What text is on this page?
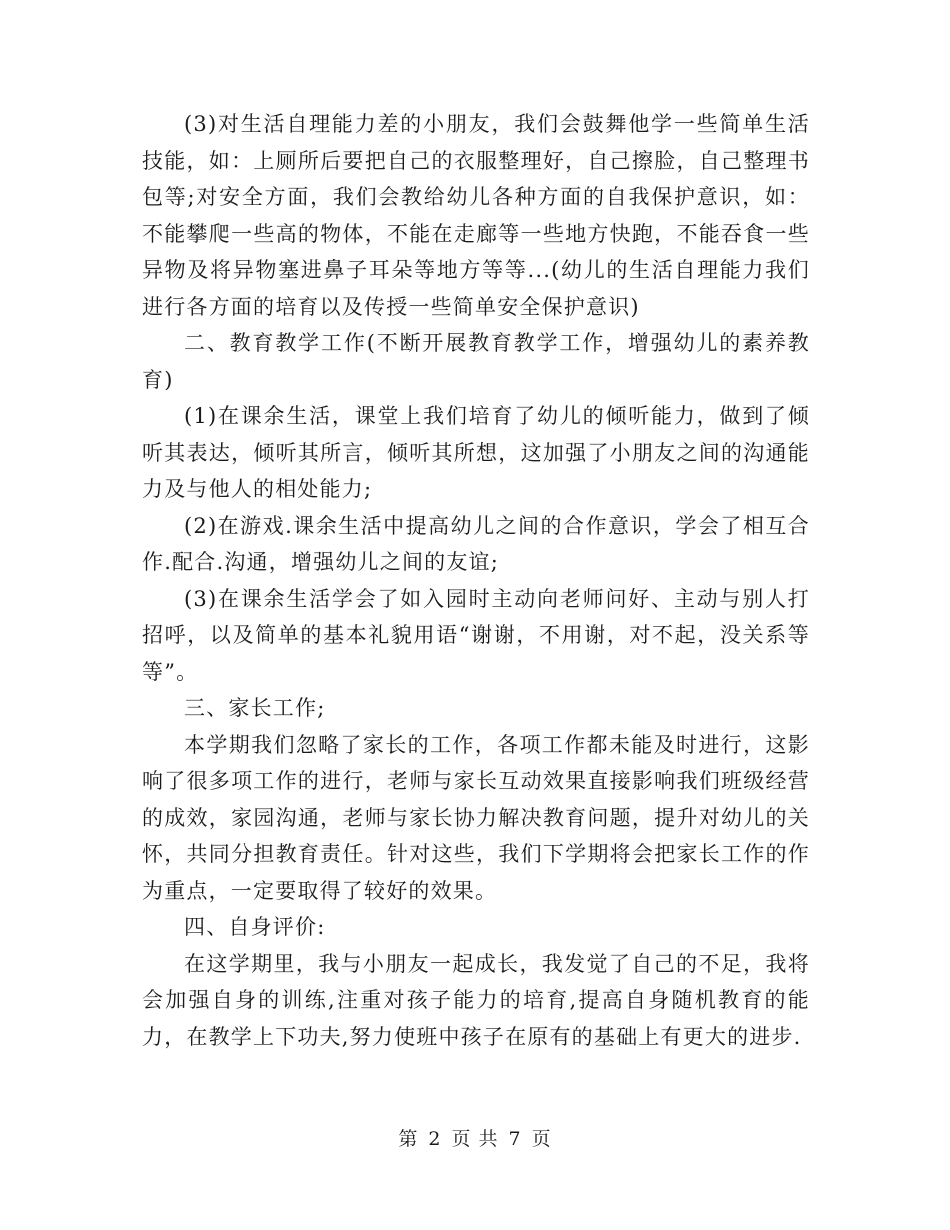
(3)对生活自理能力差的小朋友，我们会鼓舞他学一些简单生活技能，如：上厕所后要把自己的衣服整理好，自己擦脸，自己整理书包等;对安全方面，我们会教给幼儿各种方面的自我保护意识，如：不能攀爬一些高的物体，不能在走廊等一些地方快跑，不能吞食一些异物及将异物塞进鼻子耳朵等地方等等...(幼儿的生活自理能力我们进行各方面的培育以及传授一些简单安全保护意识)

二、教育教学工作(不断开展教育教学工作，增强幼儿的素养教育)

(1)在课余生活，课堂上我们培育了幼儿的倾听能力，做到了倾听其表达，倾听其所言，倾听其所想，这加强了小朋友之间的沟通能力及与他人的相处能力;

(2)在游戏.课余生活中提高幼儿之间的合作意识，学会了相互合作.配合.沟通，增强幼儿之间的友谊;

(3)在课余生活学会了如入园时主动向老师问好、主动与别人打招呼，以及简单的基本礼貌用语“谢谢，不用谢，对不起，没关系等等”。

三、家长工作;

本学期我们忽略了家长的工作，各项工作都未能及时进行，这影响了很多项工作的进行，老师与家长互动效果直接影响我们班级经营的成效，家园沟通，老师与家长协力解决教育问题，提升对幼儿的关怀，共同分担教育责任。针对这些，我们下学期将会把家长工作的作为重点，一定要取得了较好的效果。

四、自身评价:

在这学期里，我与小朋友一起成长，我发觉了自己的不足，我将会加强自身的训练,注重对孩子能力的培育,提高自身随机教育的能力，在教学上下功夫,努力使班中孩子在原有的基础上有更大的进步.

第 2 页 共 7 页
